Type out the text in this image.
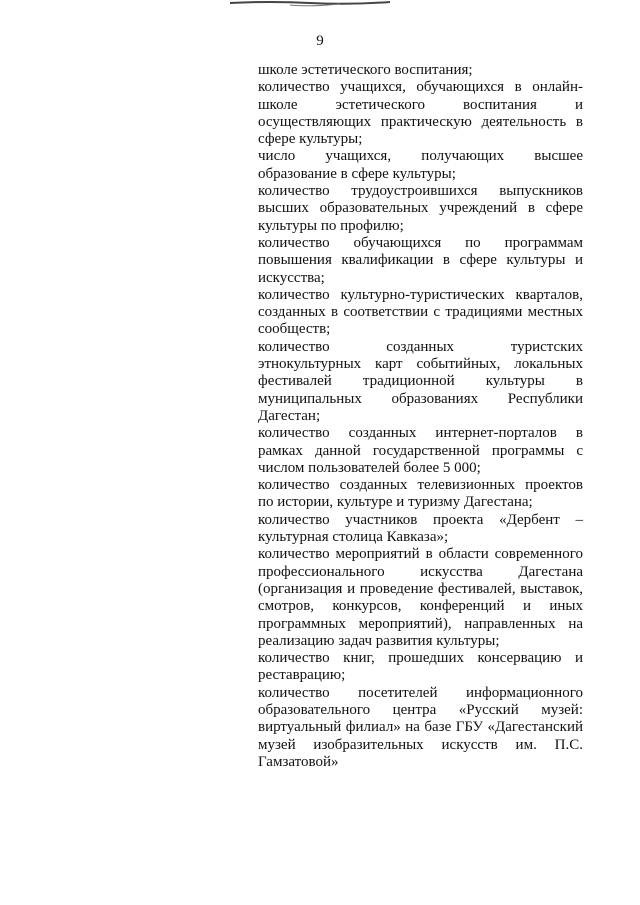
9

школе эстетического воспитания;

количество учащихся, обучающихся в онлайн-школе эстетического воспитания и осуществляющих практическую деятельность в сфере культуры;

число учащихся, получающих высшее образование в сфере культуры;

количество трудоустроившихся выпускников высших образовательных учреждений в сфере культуры по профилю;

количество обучающихся по программам повышения квалификации в сфере культуры и искусства;

количество культурно-туристических кварталов, созданных в соответствии с традициями местных сообществ;

количество созданных туристских этнокультурных карт событийных, локальных фестивалей традиционной культуры в муниципальных образованиях Республики Дагестан;

количество созданных интернет-порталов в рамках данной государственной программы с числом пользователей более 5 000;

количество созданных телевизионных проектов по истории, культуре и туризму Дагестана;

количество участников проекта «Дербент – культурная столица Кавказа»;

количество мероприятий в области современного профессионального искусства Дагестана (организация и проведение фестивалей, выставок, смотров, конкурсов, конференций и иных программных мероприятий), направленных на реализацию задач развития культуры;

количество книг, прошедших консервацию и реставрацию;

количество посетителей информационного образовательного центра «Русский музей: виртуальный филиал» на базе ГБУ «Дагестанский музей изобразительных искусств им. П.С. Гамзатовой»
